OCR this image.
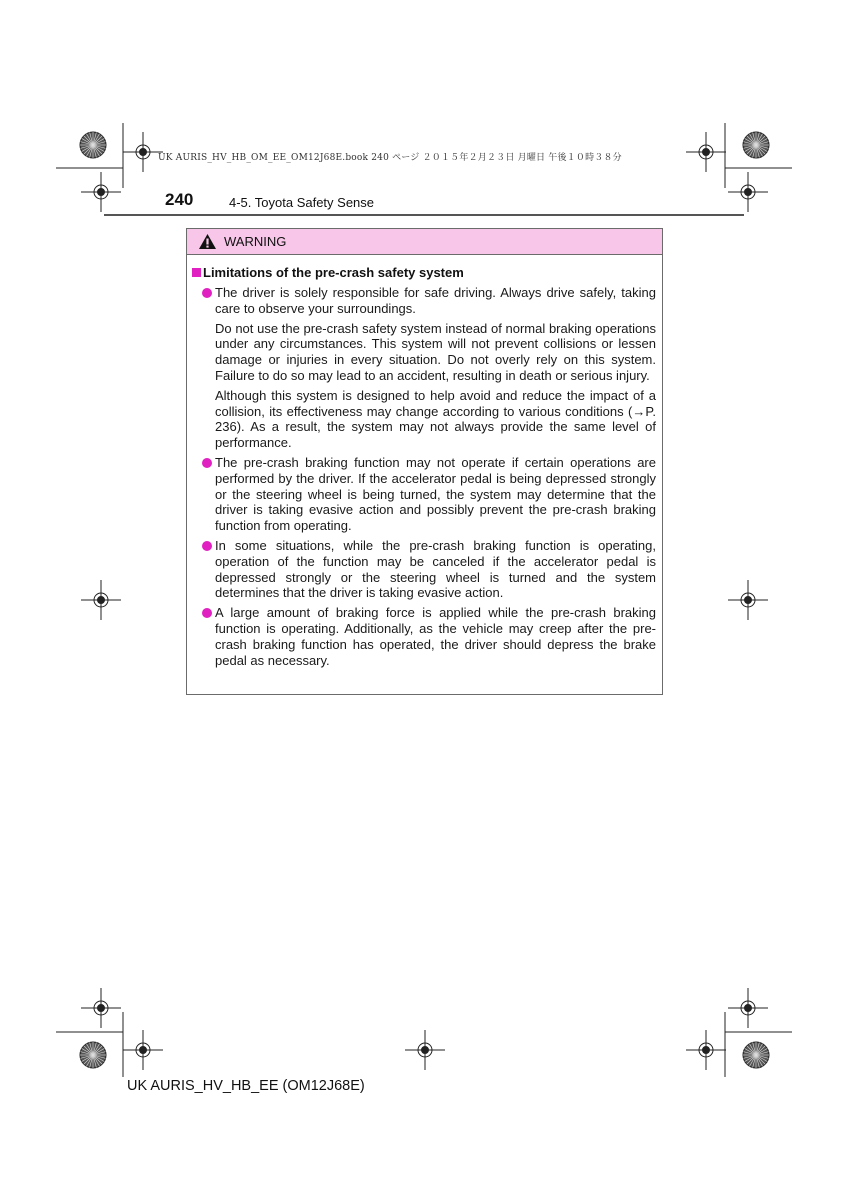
UK AURIS_HV_HB_OM_EE_OM12J68E.book 240 ページ ２０１５年２月２３日 月曜日 午後１０時３８分
240	4-5. Toyota Safety Sense
WARNING
Limitations of the pre-crash safety system
The driver is solely responsible for safe driving. Always drive safely, taking care to observe your surroundings.
Do not use the pre-crash safety system instead of normal braking operations under any circumstances. This system will not prevent collisions or lessen damage or injuries in every situation. Do not overly rely on this system. Failure to do so may lead to an accident, resulting in death or serious injury.
Although this system is designed to help avoid and reduce the impact of a collision, its effectiveness may change according to various conditions (→P. 236). As a result, the system may not always provide the same level of performance.
The pre-crash braking function may not operate if certain operations are performed by the driver. If the accelerator pedal is being depressed strongly or the steering wheel is being turned, the system may determine that the driver is taking evasive action and possibly prevent the pre-crash braking function from operating.
In some situations, while the pre-crash braking function is operating, operation of the function may be canceled if the accelerator pedal is depressed strongly or the steering wheel is turned and the system determines that the driver is taking evasive action.
A large amount of braking force is applied while the pre-crash braking function is operating. Additionally, as the vehicle may creep after the pre-crash braking function has operated, the driver should depress the brake pedal as necessary.
UK AURIS_HV_HB_EE (OM12J68E)
